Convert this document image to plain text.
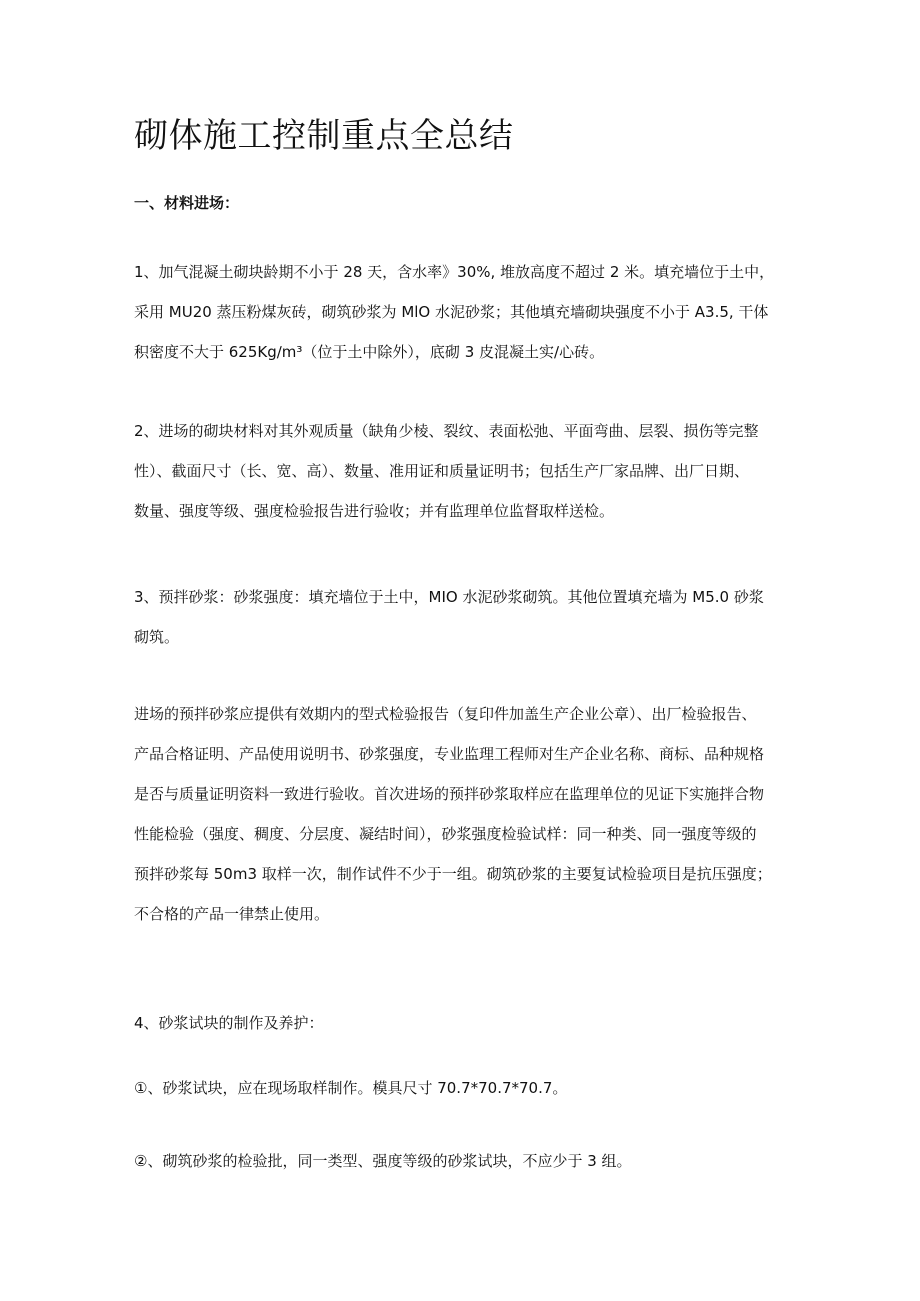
砌体施工控制重点全总结

一、材料进场：

1、加气混凝土砌块龄期不小于 28 天，含水率》30%, 堆放高度不超过 2 米。填充墙位于土中，
采用 MU20 蒸压粉煤灰砖，砌筑砂浆为 MlO 水泥砂浆；其他填充墙砌块强度不小于 A3.5, 干体
积密度不大于 625Kg∕m³（位于土中除外），底砌 3 皮混凝土实∕心砖。
2、进场的砌块材料对其外观质量（缺角少棱、裂纹、表面松弛、平面弯曲、层裂、损伤等完整
性）、截面尺寸（长、宽、高）、数量、准用证和质量证明书；包括生产厂家品牌、出厂日期、
数量、强度等级、强度检验报告进行验收；并有监理单位监督取样送检。
3、预拌砂浆：砂浆强度：填充墙位于土中，MIO 水泥砂浆砌筑。其他位置填充墙为 M5.0 砂浆
砌筑。
进场的预拌砂浆应提供有效期内的型式检验报告（复印件加盖生产企业公章）、出厂检验报告、
产品合格证明、产品使用说明书、砂浆强度，专业监理工程师对生产企业名称、商标、品种规格
是否与质量证明资料一致进行验收。首次进场的预拌砂浆取样应在监理单位的见证下实施拌合物
性能检验（强度、稠度、分层度、凝结时间），砂浆强度检验试样：同一种类、同一强度等级的
预拌砂浆每 50m3 取样一次，制作试件不少于一组。砌筑砂浆的主要复试检验项目是抗压强度；
不合格的产品一律禁止使用。

4、砂浆试块的制作及养护：

①、砂浆试块，应在现场取样制作。模具尺寸 70.7*70.7*70.7。

②、砌筑砂浆的检验批，同一类型、强度等级的砂浆试块，不应少于 3 组。
